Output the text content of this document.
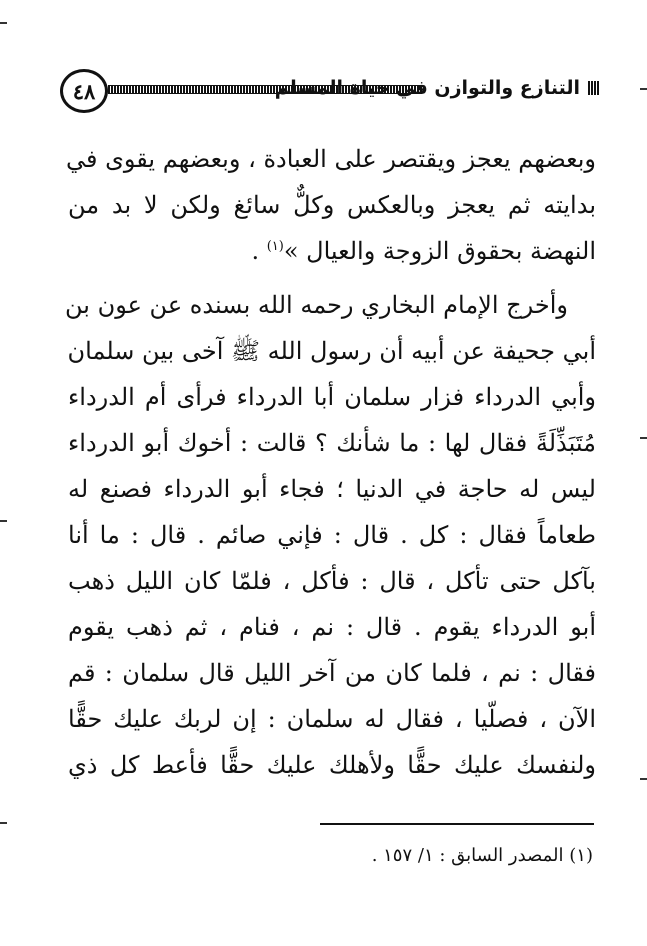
٤٨	التنازع والتوازن في حياة المسلم

وبعضهم يعجز ويقتصر على العبادة ، وبعضهم يقوى في
بدايته ثم يعجز وبالعكس وكلٌّ سائغ ولكن لا بد من
النهضة بحقوق الزوجة والعيال »$^{(١)}$ .

وأخرج الإمام البخاري رحمه الله بسنده عن عون بن
أبي جحيفة عن أبيه أن رسول الله ﷺ آخى بين سلمان
وأبي الدرداء فزار سلمان أبا الدرداء فرأى أم الدرداء
مُتَبَذِّلَةً فقال لها : ما شأنك ؟ قالت : أخوك أبو الدرداء
ليس له حاجة في الدنيا ؛ فجاء أبو الدرداء فصنع له
طعاماً فقال : كل . قال : فإني صائم . قال : ما أنا
بآكل حتى تأكل ، قال : فأكل ، فلمّا كان الليل ذهب
أبو الدرداء يقوم . قال : نم ، فنام ، ثم ذهب يقوم
فقال : نم ، فلما كان من آخر الليل قال سلمان : قم
الآن ، فصلّيا ، فقال له سلمان : إن لربك عليك حقًّا
ولنفسك عليك حقًّا ولأهلك عليك حقًّا فأعط كل ذي

(١) المصدر السابق : ١/ ١٥٧ .
